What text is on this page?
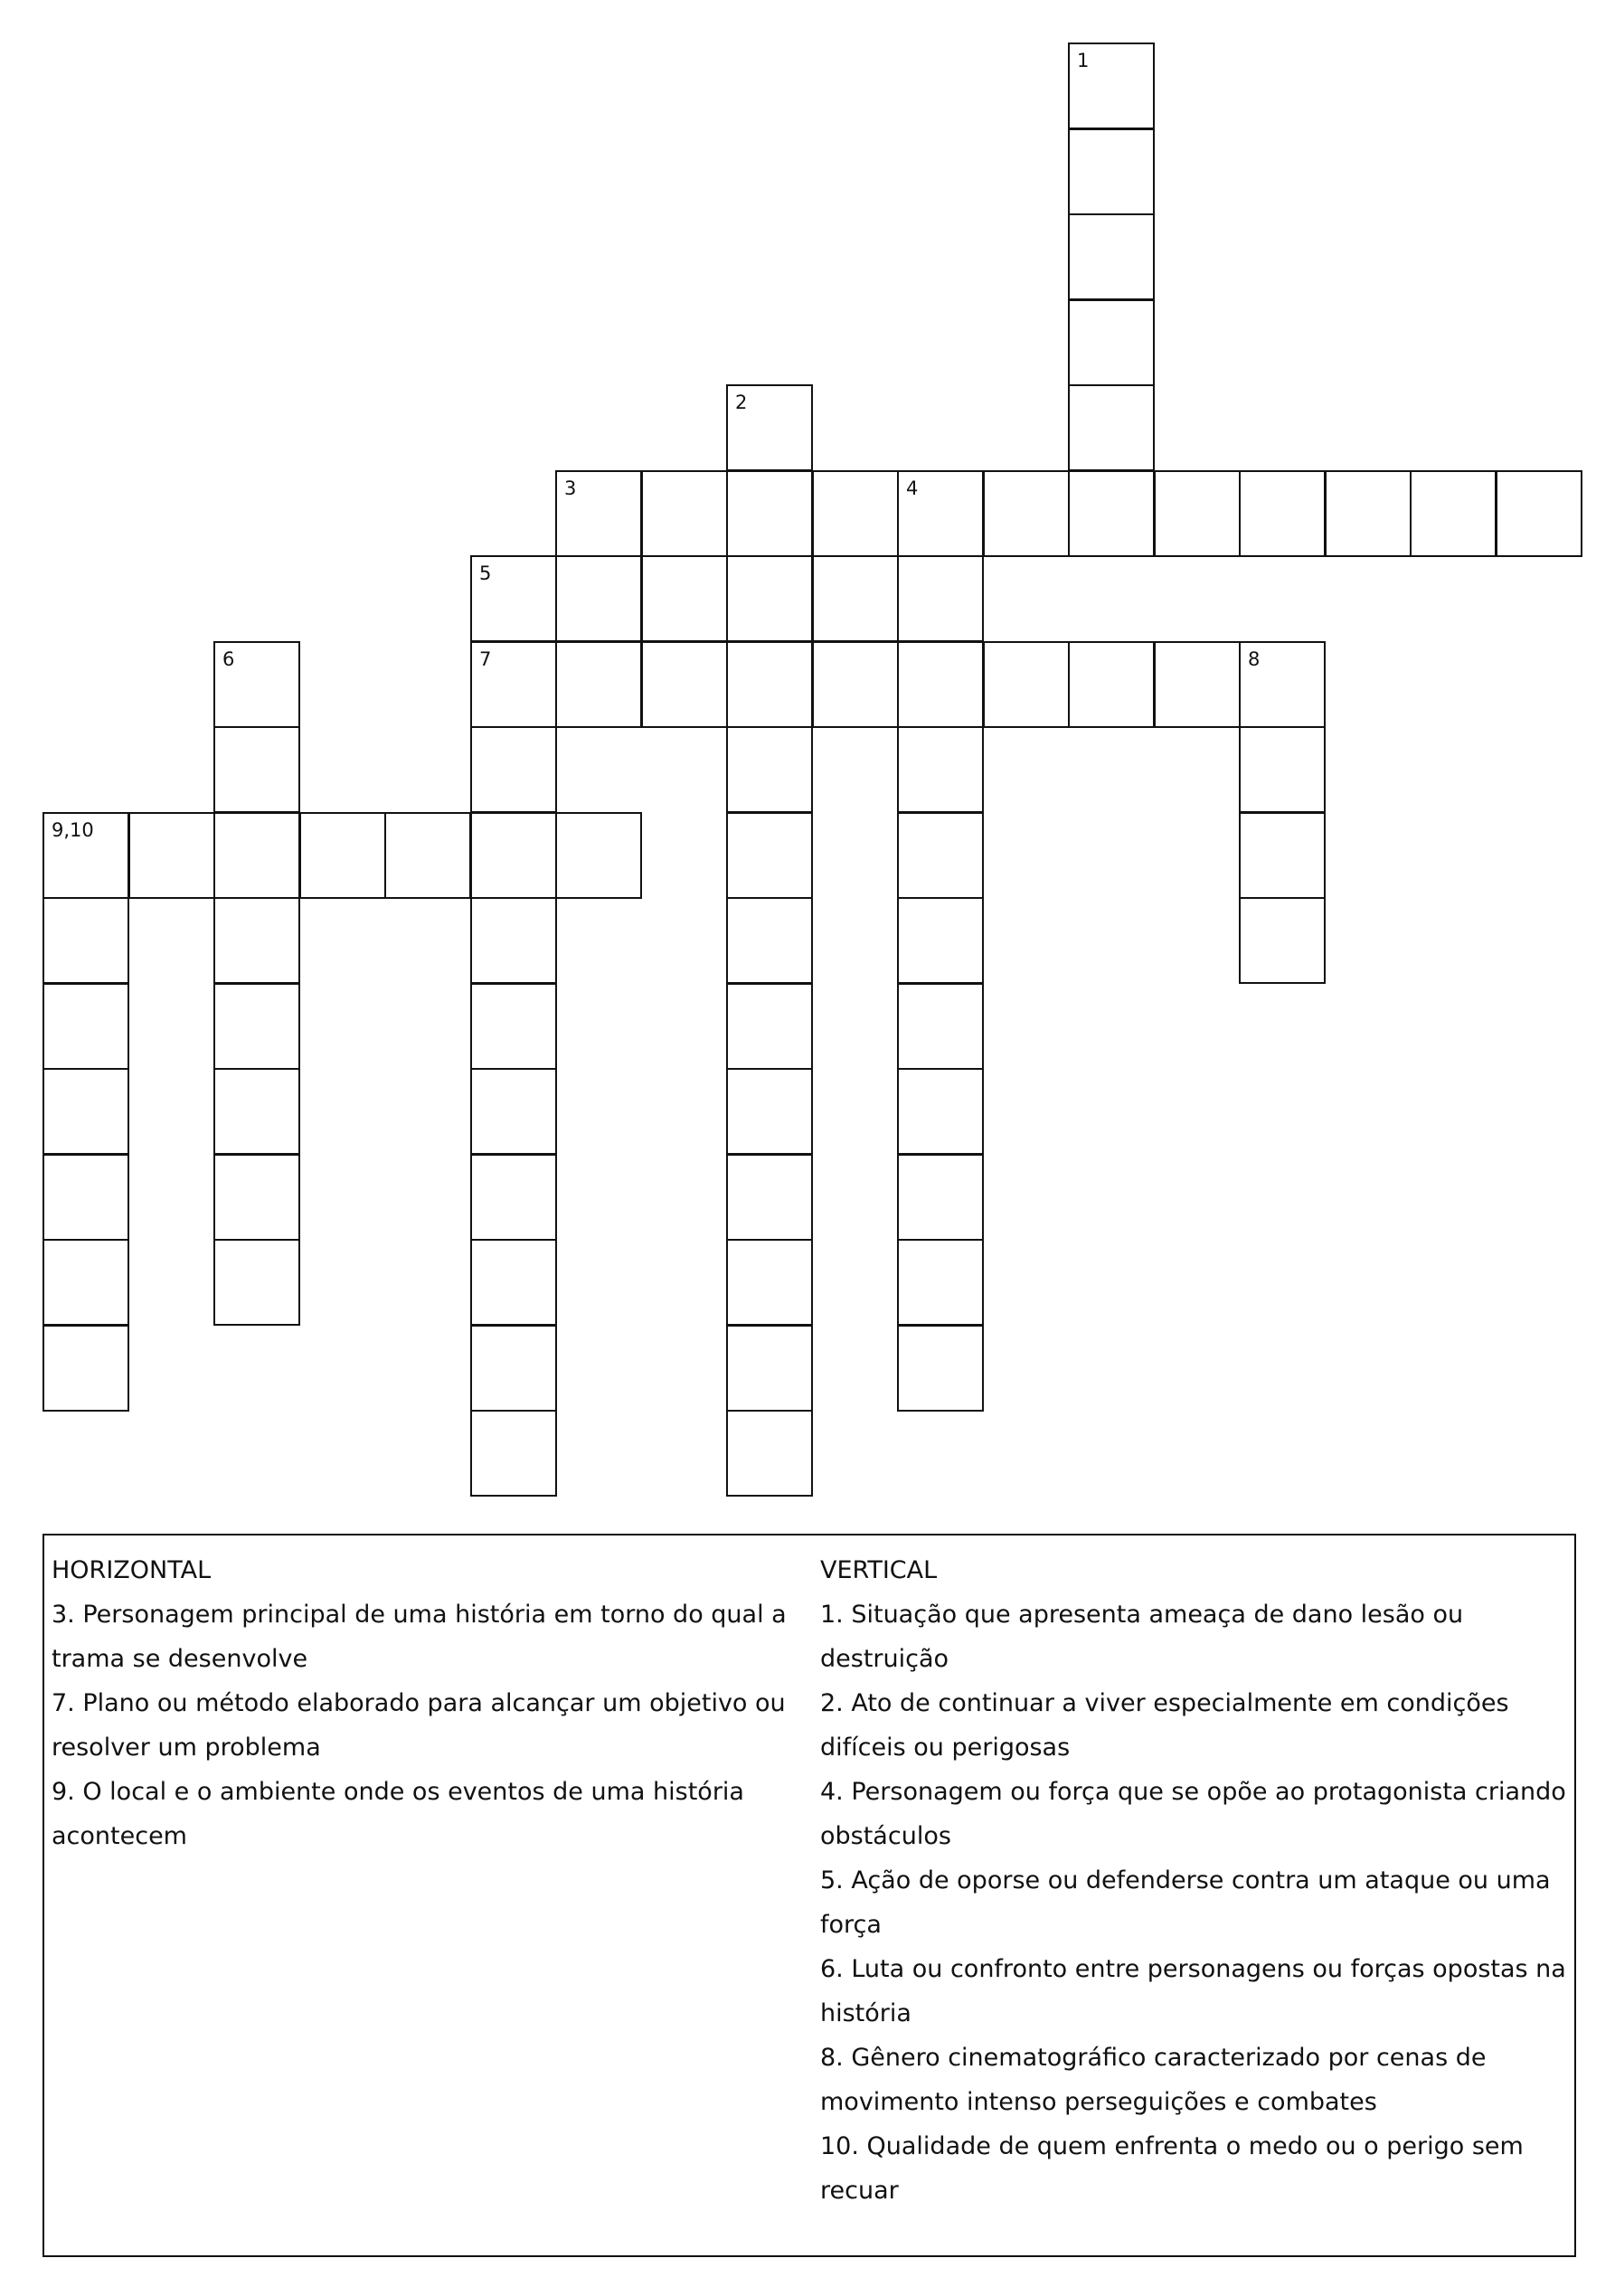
1
2
3	4
5
6	7	8
9,10
HORIZONTAL
3. Personagem principal de uma história em torno do qual a
trama se desenvolve
7. Plano ou método elaborado para alcançar um objetivo ou
resolver um problema
9. O local e o ambiente onde os eventos de uma história
acontecem
VERTICAL
1. Situação que apresenta ameaça de dano lesão ou
destruição
2. Ato de continuar a viver especialmente em condições
difíceis ou perigosas
4. Personagem ou força que se opõe ao protagonista criando
obstáculos
5. Ação de oporse ou defenderse contra um ataque ou uma
força
6. Luta ou confronto entre personagens ou forças opostas na
história
8. Gênero cinematográfico caracterizado por cenas de
movimento intenso perseguições e combates
10. Qualidade de quem enfrenta o medo ou o perigo sem
recuar
